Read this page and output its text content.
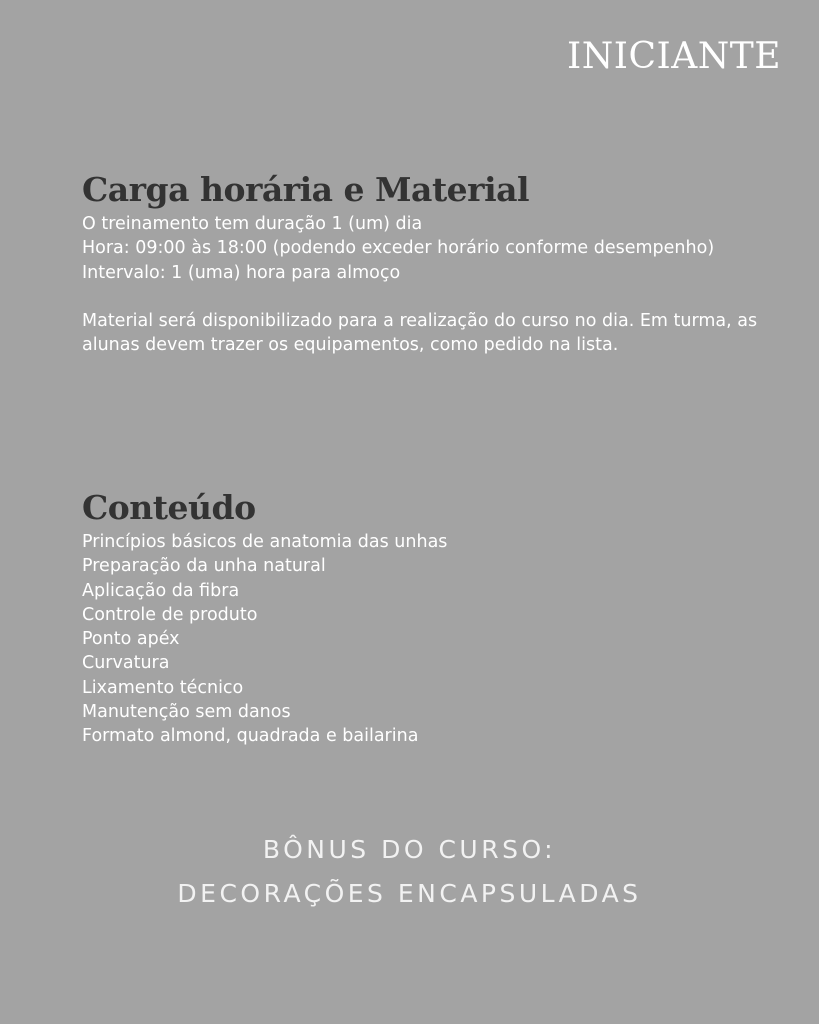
INICIANTE
Carga horária e Material

O treinamento tem duração 1 (um) dia

Hora: 09:00 às 18:00 (podendo exceder horário conforme desempenho)

Intervalo: 1 (uma) hora para almoço

Material será disponibilizado para a realização do curso no dia. Em turma, as alunas devem trazer os equipamentos, como pedido na lista.

Conteúdo
Princípios básicos de anatomia das unhas
Preparação da unha natural
Aplicação da fibra
Controle de produto
Ponto apéx
Curvatura
Lixamento técnico
Manutenção sem danos
Formato almond, quadrada e bailarina
BÔNUS DO CURSO:
DECORAÇÕES ENCAPSULADAS
